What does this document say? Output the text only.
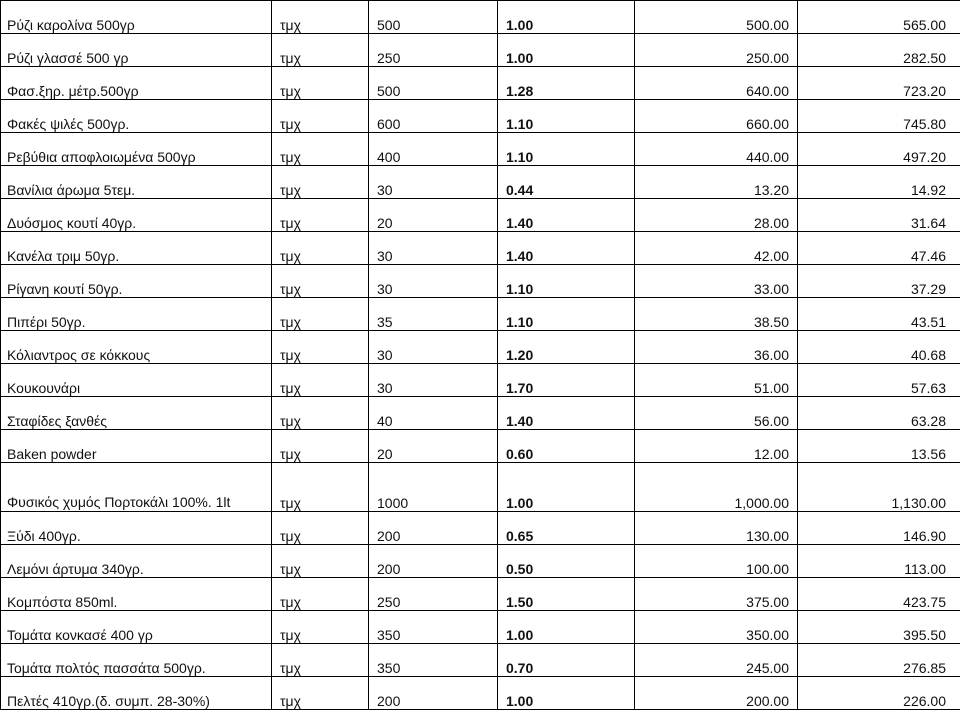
Ρύζι καρολίνα 500γρ	τμχ	500	1.00	500.00	565.00
Ρύζι γλασσέ 500 γρ	τμχ	250	1.00	250.00	282.50
Φασ.ξηρ. μέτρ.500γρ	τμχ	500	1.28	640.00	723.20
Φακές ψιλές 500γρ.	τμχ	600	1.10	660.00	745.80
Ρεβύθια αποφλοιωμένα 500γρ	τμχ	400	1.10	440.00	497.20
Βανίλια άρωμα 5τεμ.	τμχ	30	0.44	13.20	14.92
Δυόσμος κουτί 40γρ.	τμχ	20	1.40	28.00	31.64
Κανέλα τριμ 50γρ.	τμχ	30	1.40	42.00	47.46
Ρίγανη κουτί 50γρ.	τμχ	30	1.10	33.00	37.29
Πιπέρι 50γρ.	τμχ	35	1.10	38.50	43.51
Κόλιαντρος σε κόκκους	τμχ	30	1.20	36.00	40.68
Κουκουνάρι	τμχ	30	1.70	51.00	57.63
Σταφίδες ξανθές	τμχ	40	1.40	56.00	63.28
Baken powder	τμχ	20	0.60	12.00	13.56
Φυσικός χυμός Πορτοκάλι 100%. 1lt	τμχ	1000	1.00	1,000.00	1,130.00
Ξύδι 400γρ.	τμχ	200	0.65	130.00	146.90
Λεμόνι άρτυμα 340γρ.	τμχ	200	0.50	100.00	113.00
Κομπόστα 850ml.	τμχ	250	1.50	375.00	423.75
Τομάτα κονκασέ 400 γρ	τμχ	350	1.00	350.00	395.50
Τομάτα πολτός πασσάτα 500γρ.	τμχ	350	0.70	245.00	276.85
Πελτές 410γρ.(δ. συμπ. 28-30%)	τμχ	200	1.00	200.00	226.00
